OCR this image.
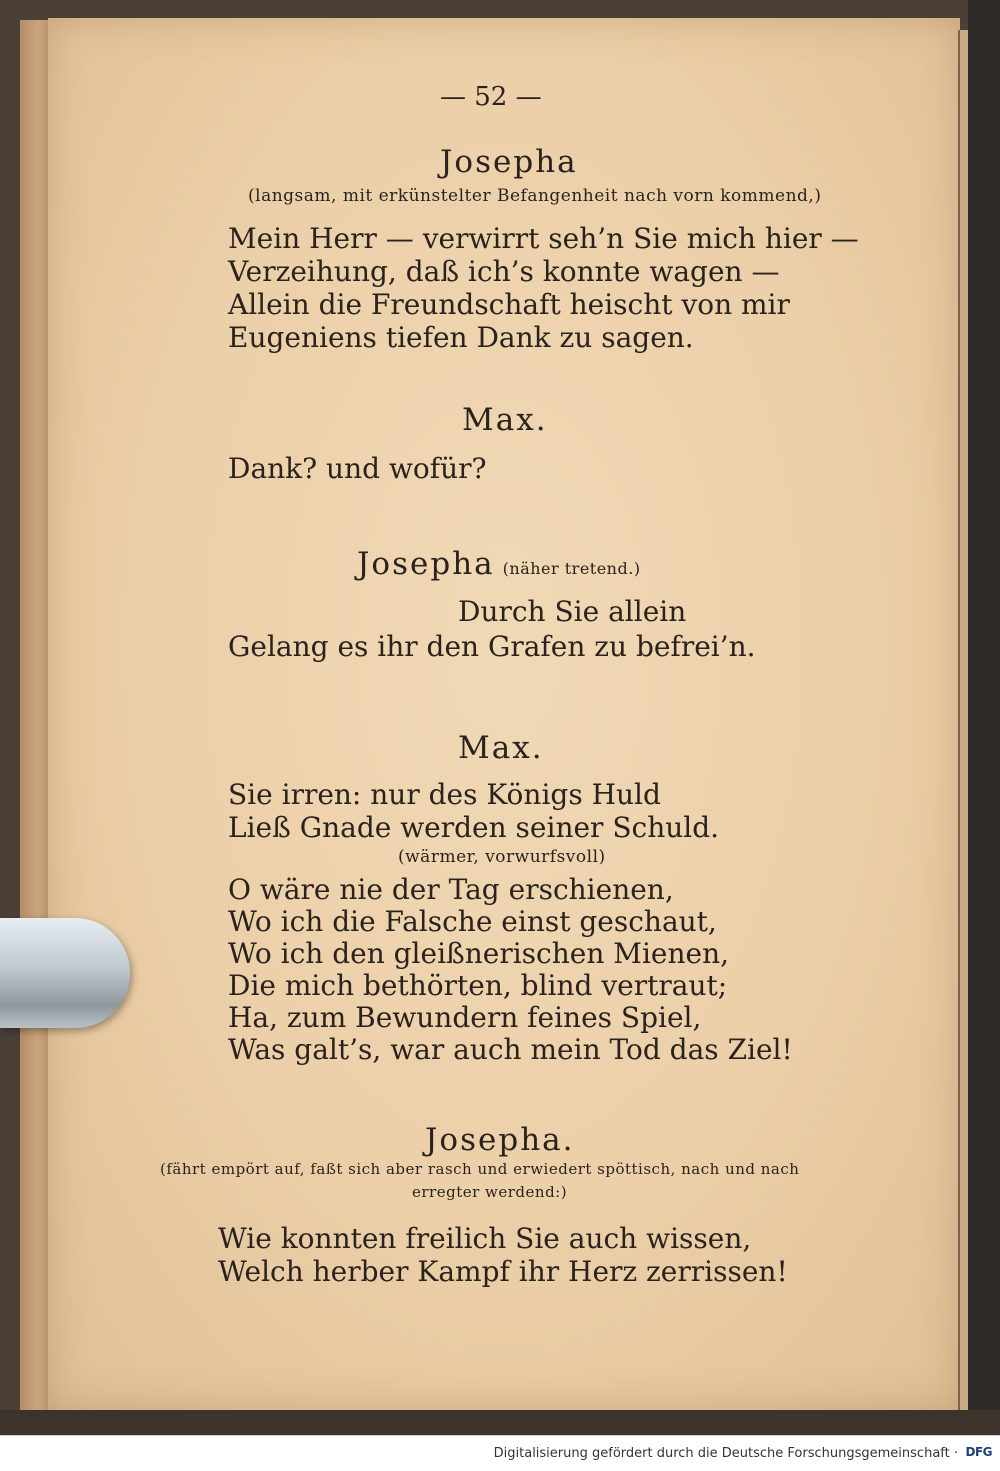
— 52 —
Josepha
(langsam, mit erkünstelter Befangenheit nach vorn kommend,)
Mein Herr — verwirrt seh’n Sie mich hier —
Verzeihung, daß ich’s konnte wagen —
Allein die Freundschaft heischt von mir
Eugeniens tiefen Dank zu sagen.
Max.
Dank? und wofür?
Josepha (näher tretend.)
Durch Sie allein
Gelang es ihr den Grafen zu befrei’n.
Max.
Sie irren: nur des Königs Huld
Ließ Gnade werden seiner Schuld.
(wärmer, vorwurfsvoll)
O wäre nie der Tag erschienen,
Wo ich die Falsche einst geschaut,
Wo ich den gleißnerischen Mienen,
Die mich bethörten, blind vertraut;
Ha, zum Bewundern feines Spiel,
Was galt’s, war auch mein Tod das Ziel!
Josepha.
(fährt empört auf, faßt sich aber rasch und erwiedert spöttisch, nach und nach
erregter werdend:)
Wie konnten freilich Sie auch wissen,
Welch herber Kampf ihr Herz zerrissen!
Digitalisierung gefördert durch die Deutsche Forschungsgemeinschaft · DFG
